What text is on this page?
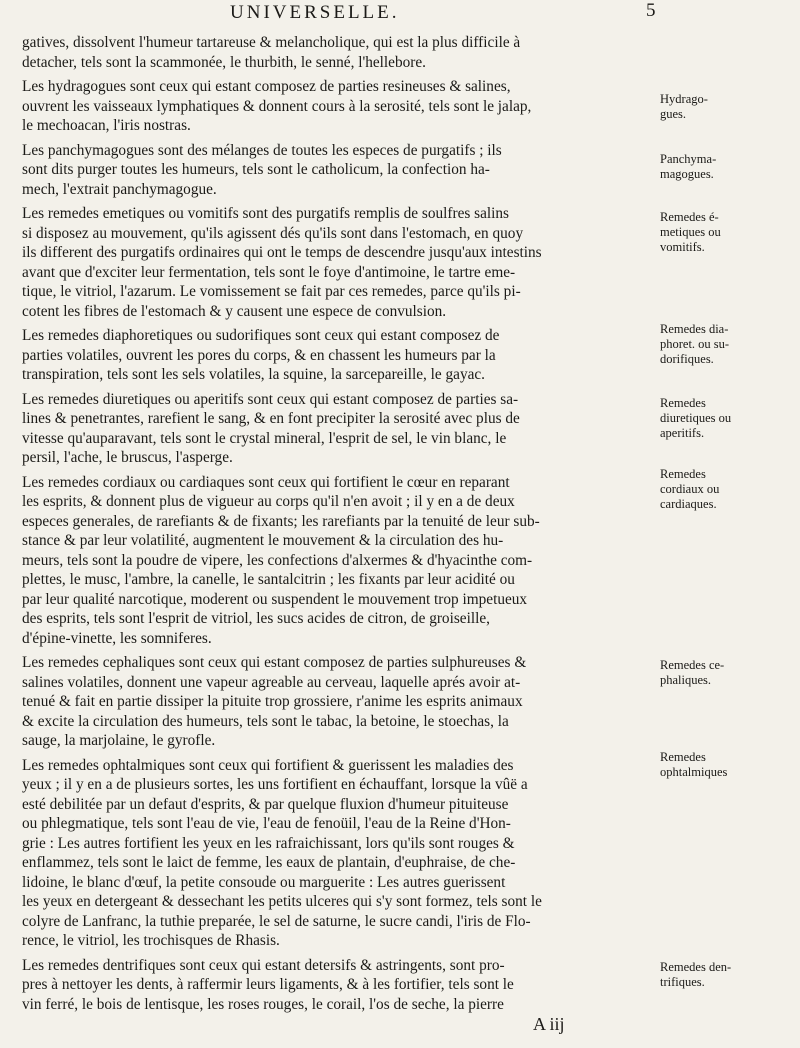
UNIVERSELLE.	5
gatives, dissolvent l'humeur tartareuse & melancholique, qui est la plus difficile à
detacher, tels sont la scammonée, le thurbith, le senné, l'hellebore.
Les hydragogues sont ceux qui estant composez de parties resineuses & salines,
ouvrent les vaisseaux lymphatiques & donnent cours à la serosité, tels sont le jalap,
le mechoacan, l'iris nostras.
Les panchymagogues sont des mélanges de toutes les especes de purgatifs ; ils
sont dits purger toutes les humeurs, tels sont le catholicum, la confection ha-
mech, l'extrait panchymagogue.
Les remedes emetiques ou vomitifs sont des purgatifs remplis de soulfres salins
si disposez au mouvement, qu'ils agissent dés qu'ils sont dans l'estomach, en quoy
ils different des purgatifs ordinaires qui ont le temps de descendre jusqu'aux intestins
avant que d'exciter leur fermentation, tels sont le foye d'antimoine, le tartre eme-
tique, le vitriol, l'azarum. Le vomissement se fait par ces remedes, parce qu'ils pi-
cotent les fibres de l'estomach & y causent une espece de convulsion.
Les remedes diaphoretiques ou sudorifiques sont ceux qui estant composez de
parties volatiles, ouvrent les pores du corps, & en chassent les humeurs par la
transpiration, tels sont les sels volatiles, la squine, la sarcepareille, le gayac.
Les remedes diuretiques ou aperitifs sont ceux qui estant composez de parties sa-
lines & penetrantes, rarefient le sang, & en font precipiter la serosité avec plus de
vitesse qu'auparavant, tels sont le crystal mineral, l'esprit de sel, le vin blanc, le
persil, l'ache, le bruscus, l'asperge.
Les remedes cordiaux ou cardiaques sont ceux qui fortifient le cœur en reparant
les esprits, & donnent plus de vigueur au corps qu'il n'en avoit ; il y en a de deux
especes generales, de rarefiants & de fixants; les rarefiants par la tenuité de leur sub-
stance & par leur volatilité, augmentent le mouvement & la circulation des hu-
meurs, tels sont la poudre de vipere, les confections d'alxermes & d'hyacinthe com-
plettes, le musc, l'ambre, la canelle, le santalcitrin ; les fixants par leur acidité ou
par leur qualité narcotique, moderent ou suspendent le mouvement trop impetueux
des esprits, tels sont l'esprit de vitriol, les sucs acides de citron, de groiseille,
d'épine-vinette, les somniferes.
Les remedes cephaliques sont ceux qui estant composez de parties sulphureuses &
salines volatiles, donnent une vapeur agreable au cerveau, laquelle aprés avoir at-
tenué & fait en partie dissiper la pituite trop grossiere, r'anime les esprits animaux
& excite la circulation des humeurs, tels sont le tabac, la betoine, le stoechas, la
sauge, la marjolaine, le gyrofle.
Les remedes ophtalmiques sont ceux qui fortifient & guerissent les maladies des
yeux ; il y en a de plusieurs sortes, les uns fortifient en échauffant, lorsque la vûë a
esté debilitée par un defaut d'esprits, & par quelque fluxion d'humeur pituiteuse
ou phlegmatique, tels sont l'eau de vie, l'eau de fenoüil, l'eau de la Reine d'Hon-
grie : Les autres fortifient les yeux en les rafraichissant, lors qu'ils sont rouges &
enflammez, tels sont le laict de femme, les eaux de plantain, d'euphraise, de che-
lidoine, le blanc d'œuf, la petite consoude ou marguerite : Les autres guerissent
les yeux en detergeant & dessechant les petits ulceres qui s'y sont formez, tels sont le
colyre de Lanfranc, la tuthie preparée, le sel de saturne, le sucre candi, l'iris de Flo-
rence, le vitriol, les trochisques de Rhasis.
Les remedes dentrifiques sont ceux qui estant detersifs & astringents, sont pro-
pres à nettoyer les dents, à raffermir leurs ligaments, & à les fortifier, tels sont le
vin ferré, le bois de lentisque, les roses rouges, le corail, l'os de seche, la pierre
Hydrago-
gues.
Panchyma-
magogues.
Remedes é-
metiques ou
vomitifs.
Remedes dia-
phoret. ou su-
dorifiques.
Remedes
diuretiques ou
aperitifs.
Remedes
cordiaux ou
cardiaques.
Remedes ce-
phaliques.
Remedes
ophtalmiques
Remedes den-
trifiques.
A iij
